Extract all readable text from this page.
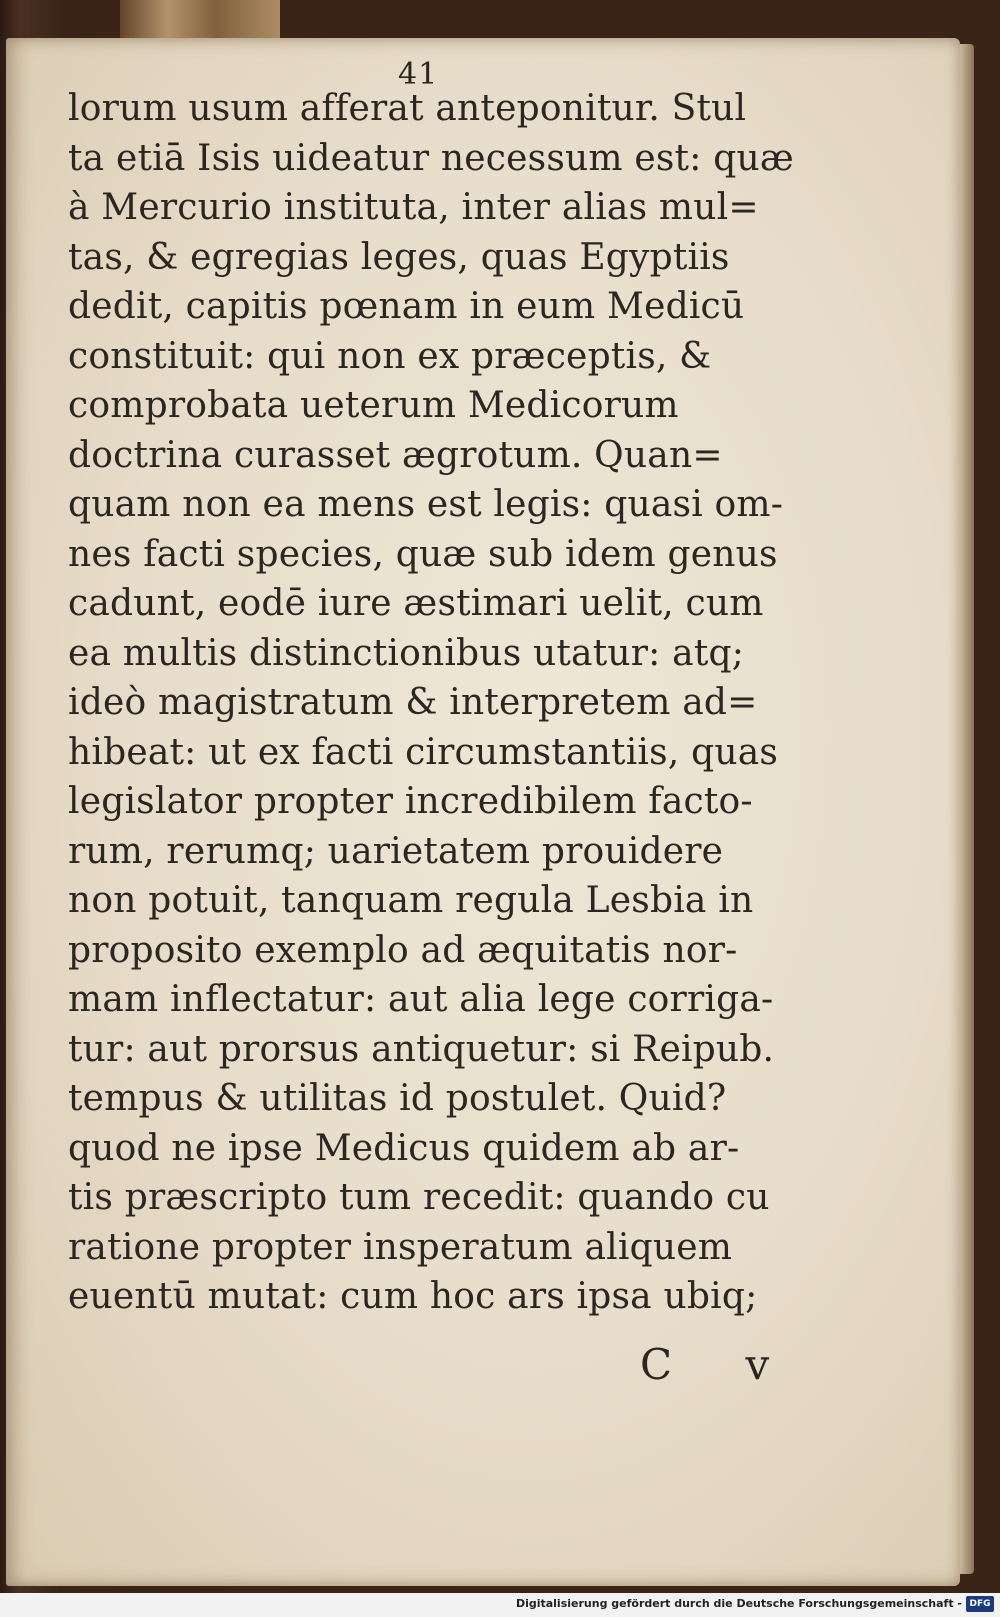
41
lorum usum afferat anteponitur. Stul
ta etiā Isis uideatur necessum est: quæ
à Mercurio instituta, inter alias mul=
tas, & egregias leges, quas Egyptiis
dedit, capitis pœnam in eum Medicū
constituit: qui non ex præceptis, &
comprobata ueterum Medicorum
doctrina curasset ægrotum. Quan=
quam non ea mens est legis: quasi om-
nes facti species, quæ sub idem genus
cadunt, eodē iure æstimari uelit, cum
ea multis distinctionibus utatur: atq;
ideò magistratum & interpretem ad=
hibeat: ut ex facti circumstantiis, quas
legislator propter incredibilem facto-
rum, rerumq; uarietatem prouidere
non potuit, tanquam regula Lesbia in
proposito exemplo ad æquitatis nor-
mam inflectatur: aut alia lege corriga-
tur: aut prorsus antiquetur: si Reipub.
tempus & utilitas id postulet. Quid?
quod ne ipse Medicus quidem ab ar-
tis præscripto tum recedit: quando cu
ratione propter insperatum aliquem
euentū mutat: cum hoc ars ipsa ubiq;
C v
Digitalisierung gefördert durch die Deutsche Forschungsgemeinschaft - DFG
